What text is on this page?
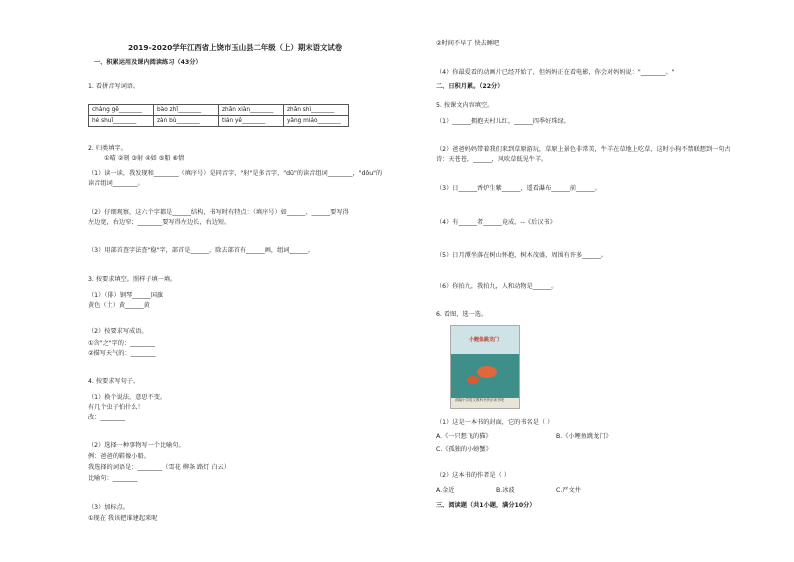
2019-2020学年江西省上饶市玉山县二年级（上）期末语文试卷
一、积累运用及课内阅读练习（43分）
1. 看拼音写词语。
chàng gē________	bào zhǐ________	zhǎn xiàn________	zhǎn shì________
hé shuǐ________	zàn bù________	tián yě________	yǎng miáo________
2. 归类填字。
①晴 ②刻 ③射 ④如 ⑤船 ⑥情
（1）读一读，我发现和________（填序号）是同音字，"射"是多音字，"dū"的读音组词________，"dǒu"的
读音组词________。
（2）仔细观察，这六个字都是______结构，书写时有特点：（填序号）如______、______要写得
左边宽，右边窄；________要写得左边长，右边短。
（3）用部首查字法查"稳"字，部首是______，除去部首有______画，组词______。
3. 按要求填空。照样子填一填。
（1）（俳）钢琴______国旗
黄色（土）黄______黄
（2）按要求写成语。
①含"之"字的：________
②描写天气的：________
4. 按要求写句子。
（1）换个说法，意思不变。
有几个虫子怕什么！
改：________
（2）选择一种事物写一个比喻句。
例：爸爸的鞋像小船。
我选择的词语是：________（雪花 柳条 路灯 白云）
比喻句：________
（3）加标点。
①现在 我该把谁建起来呢
②时间不早了 快去睡吧
（4）你最爱看的动画片已经开始了，但妈妈正在看电影，你会对妈妈说："________。"
二、日积月累。（22分）
5. 按课文内容填空。
（1）______拥抱天村儿红，______四季好珠绿。
（2）爸爸妈妈带着我们来到草原游玩，草原上景色非常美，牛羊在草地上吃草，这时小狗不禁联想到一句古
诗：天苍苍，______，风吹草低见牛羊。
（3）日______香炉生紫______，遥看瀑布______前______。
（4）有______者______竟成。--《后汉书》
（5）日月潭坐落在树山怀抱，树木茂盛，周围有许多______。
（6）你拍九，我拍九，人和动物是______。
6. 看图，选一选。
小鲤鱼跳龙门
部编小学语文教科书快乐读书吧
（1）这是一本书的封面，它的书名是（ ）
A.《一只想飞的猫》	B.《小鲤鱼跳龙门》
C.《孤独的小螃蟹》
（2）这本书的作者是（ ）
A.金近	B.冰波	C.严文井
三、阅读题（共1小题，满分10分）
